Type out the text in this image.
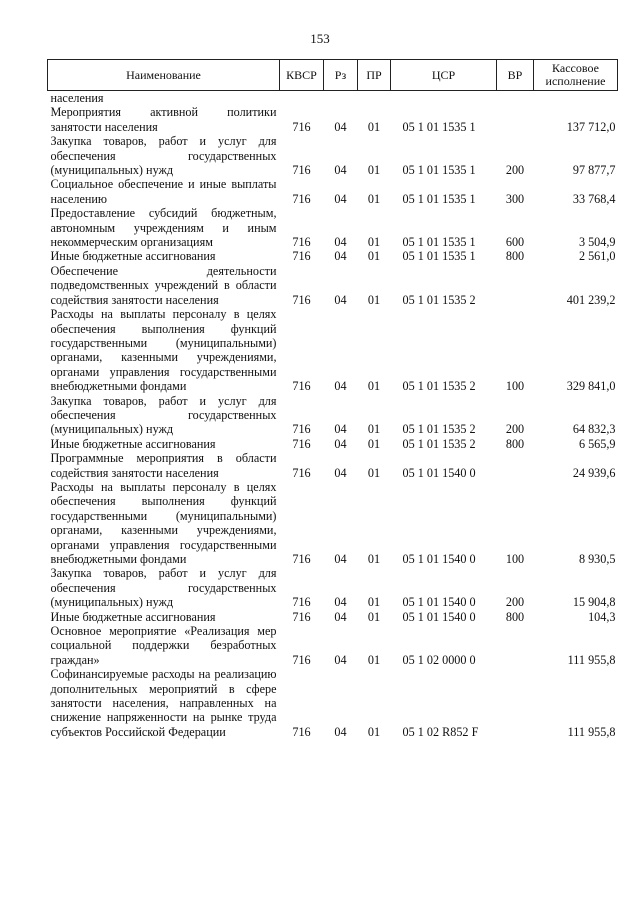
153
Наименование	КВСР	Рз	ПР	ЦСР	ВР	Кассовое исполнение
населения						
Мероприятия активной политики занятости населения	716	04	01	05 1 01 1535 1		137 712,0
Закупка товаров, работ и услуг для обеспечения государственных (муниципальных) нужд	716	04	01	05 1 01 1535 1	200	97 877,7
Социальное обеспечение и иные выплаты населению	716	04	01	05 1 01 1535 1	300	33 768,4
Предоставление субсидий бюджетным, автономным учреждениям и иным некоммерческим организациям	716	04	01	05 1 01 1535 1	600	3 504,9
Иные бюджетные ассигнования	716	04	01	05 1 01 1535 1	800	2 561,0
Обеспечение деятельности подведомственных учреждений в области содействия занятости населения	716	04	01	05 1 01 1535 2		401 239,2
Расходы на выплаты персоналу в целях обеспечения выполнения функций государственными (муниципальными) органами, казенными учреждениями, органами управления государственными внебюджетными фондами	716	04	01	05 1 01 1535 2	100	329 841,0
Закупка товаров, работ и услуг для обеспечения государственных (муниципальных) нужд	716	04	01	05 1 01 1535 2	200	64 832,3
Иные бюджетные ассигнования	716	04	01	05 1 01 1535 2	800	6 565,9
Программные мероприятия в области содействия занятости населения	716	04	01	05 1 01 1540 0		24 939,6
Расходы на выплаты персоналу в целях обеспечения выполнения функций государственными (муниципальными) органами, казенными учреждениями, органами управления государственными внебюджетными фондами	716	04	01	05 1 01 1540 0	100	8 930,5
Закупка товаров, работ и услуг для обеспечения государственных (муниципальных) нужд	716	04	01	05 1 01 1540 0	200	15 904,8
Иные бюджетные ассигнования	716	04	01	05 1 01 1540 0	800	104,3
Основное мероприятие «Реализация мер социальной поддержки безработных граждан»	716	04	01	05 1 02 0000 0		111 955,8
Софинансируемые расходы на реализацию дополнительных мероприятий в сфере занятости населения, направленных на снижение напряженности на рынке труда субъектов Российской Федерации	716	04	01	05 1 02 R852 F		111 955,8
